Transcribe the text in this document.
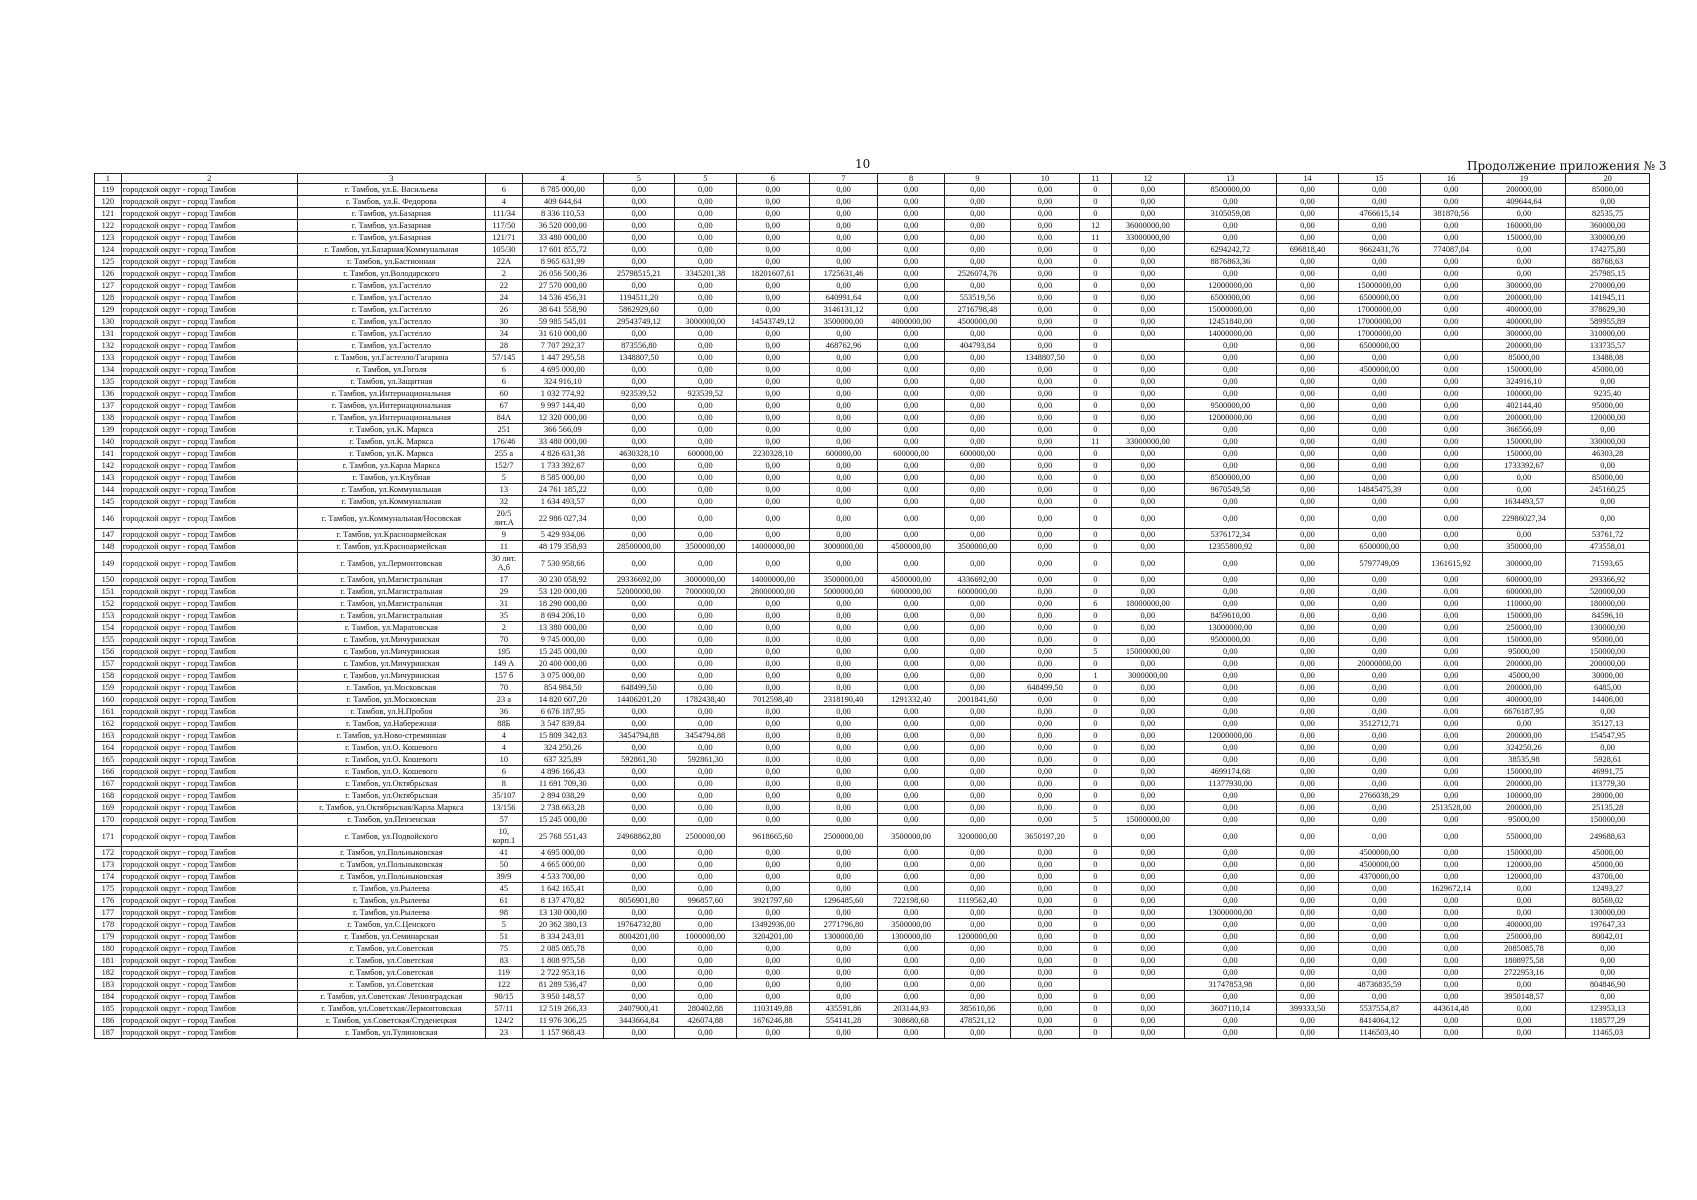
10	Продолжение приложения № 3
1	2	3		4	5	5	6	7	8	9	10	11	12	13	14	15	16	19	20
119	городской округ - город Тамбов	г. Тамбов, ул.Б. Васильева	6	8 785 000,00	0,00	0,00	0,00	0,00	0,00	0,00	0,00	0	0,00	8500000,00	0,00	0,00	0,00	200000,00	85000,00
120	городской округ - город Тамбов	г. Тамбов, ул.Б. Федорова	4	409 644,64	0,00	0,00	0,00	0,00	0,00	0,00	0,00	0	0,00	0,00	0,00	0,00	0,00	409644,64	0,00
121	городской округ - город Тамбов	г. Тамбов, ул.Базарная	111/34	8 336 110,53	0,00	0,00	0,00	0,00	0,00	0,00	0,00	0	0,00	3105059,08	0,00	4766615,14	381870,56	0,00	82535,75
122	городской округ - город Тамбов	г. Тамбов, ул.Базарная	117/50	36 520 000,00	0,00	0,00	0,00	0,00	0,00	0,00	0,00	12	36000000,00	0,00	0,00	0,00	0,00	160000,00	360000,00
123	городской округ - город Тамбов	г. Тамбов, ул.Базарная	121/71	33 480 000,00	0,00	0,00	0,00	0,00	0,00	0,00	0,00	11	33000000,00	0,00	0,00	0,00	0,00	150000,00	330000,00
124	городской округ - город Тамбов	г. Тамбов, ул.Базарная/Коммунальная	105/30	17 601 855,72	0,00	0,00	0,00	0,00	0,00	0,00	0,00	0	0,00	6294242,72	696818,40	9662431,76	774087,04	0,00	174275,80
125	городской округ - город Тамбов	г. Тамбов, ул.Бастионная	22А	8 965 631,99	0,00	0,00	0,00	0,00	0,00	0,00	0,00	0	0,00	8876863,36	0,00	0,00	0,00	0,00	88768,63
126	городской округ - город Тамбов	г. Тамбов, ул.Володарского	2	26 056 500,36	25798515,21	3345201,38	18201607,61	1725631,46	0,00	2526074,76	0,00	0	0,00	0,00	0,00	0,00	0,00	0,00	257985,15
127	городской округ - город Тамбов	г. Тамбов, ул.Гастелло	22	27 570 000,00	0,00	0,00	0,00	0,00	0,00	0,00	0,00	0	0,00	12000000,00	0,00	15000000,00	0,00	300000,00	270000,00
128	городской округ - город Тамбов	г. Тамбов, ул.Гастелло	24	14 536 456,31	1194511,20	0,00	0,00	640991,64	0,00	553519,56	0,00	0	0,00	6500000,00	0,00	6500000,00	0,00	200000,00	141945,11
129	городской округ - город Тамбов	г. Тамбов, ул.Гастелло	26	38 641 558,90	5862929,60	0,00	0,00	3146131,12	0,00	2716798,48	0,00	0	0,00	15000000,00	0,00	17000000,00	0,00	400000,00	378629,30
130	городской округ - город Тамбов	г. Тамбов, ул.Гастелло	30	59 985 545,01	29543749,12	3000000,00	14543749,12	3500000,00	4000000,00	4500000,00	0,00	0	0,00	12451840,00	0,00	17000000,00	0,00	400000,00	589955,89
131	городской округ - город Тамбов	г. Тамбов, ул.Гастелло	34	31 610 000,00	0,00	0,00	0,00	0,00	0,00	0,00	0,00	0	0,00	14000000,00	0,00	17000000,00	0,00	300000,00	310000,00
132	городской округ - город Тамбов	г. Тамбов, ул.Гастелло	28	7 707 292,37	873556,80	0,00	0,00	468762,96	0,00	404793,84	0,00	0		0,00	0,00	6500000,00		200000,00	133735,57
133	городской округ - город Тамбов	г. Тамбов, ул.Гастелло/Гагарина	57/145	1 447 295,58	1348807,50	0,00	0,00	0,00	0,00	0,00	1348807,50	0	0,00	0,00	0,00	0,00	0,00	85000,00	13488,08
134	городской округ - город Тамбов	г. Тамбов, ул.Гоголя	6	4 695 000,00	0,00	0,00	0,00	0,00	0,00	0,00	0,00	0	0,00	0,00	0,00	4500000,00	0,00	150000,00	45000,00
135	городской округ - город Тамбов	г. Тамбов, ул.Защитная	6	324 916,10	0,00	0,00	0,00	0,00	0,00	0,00	0,00	0	0,00	0,00	0,00	0,00	0,00	324916,10	0,00
136	городской округ - город Тамбов	г. Тамбов, ул.Интернациональная	60	1 032 774,92	923539,52	923539,52	0,00	0,00	0,00	0,00	0,00	0	0,00	0,00	0,00	0,00	0,00	100000,00	9235,40
137	городской округ - город Тамбов	г. Тамбов, ул.Интернациональная	67	9 997 144,40	0,00	0,00	0,00	0,00	0,00	0,00	0,00	0	0,00	9500000,00	0,00	0,00	0,00	402144,40	95000,00
138	городской округ - город Тамбов	г. Тамбов, ул.Интернациональная	84А	12 320 000,00	0,00	0,00	0,00	0,00	0,00	0,00	0,00	0	0,00	12000000,00	0,00	0,00	0,00	200000,00	120000,00
139	городской округ - город Тамбов	г. Тамбов, ул.К. Маркса	251	366 566,09	0,00	0,00	0,00	0,00	0,00	0,00	0,00	0	0,00	0,00	0,00	0,00	0,00	366566,09	0,00
140	городской округ - город Тамбов	г. Тамбов, ул.К. Маркса	176/46	33 480 000,00	0,00	0,00	0,00	0,00	0,00	0,00	0,00	11	33000000,00	0,00	0,00	0,00	0,00	150000,00	330000,00
141	городской округ - город Тамбов	г. Тамбов, ул.К. Маркса	255 а	4 826 631,38	4630328,10	600000,00	2230328,10	600000,00	600000,00	600000,00	0,00	0	0,00	0,00	0,00	0,00	0,00	150000,00	46303,28
142	городской округ - город Тамбов	г. Тамбов, ул.Карла Маркса	152/7	1 733 392,67	0,00	0,00	0,00	0,00	0,00	0,00	0,00	0	0,00	0,00	0,00	0,00	0,00	1733392,67	0,00
143	городской округ - город Тамбов	г. Тамбов, ул.Клубная	5	8 585 000,00	0,00	0,00	0,00	0,00	0,00	0,00	0,00	0	0,00	8500000,00	0,00	0,00	0,00	0,00	85000,00
144	городской округ - город Тамбов	г. Тамбов, ул.Коммунальная	13	24 761 185,22	0,00	0,00	0,00	0,00	0,00	0,00	0,00	0	0,00	9670549,58	0,00	14845475,39	0,00	0,00	245160,25
145	городской округ - город Тамбов	г. Тамбов, ул.Коммунальная	32	1 634 493,57	0,00	0,00	0,00	0,00	0,00	0,00	0,00	0	0,00	0,00	0,00	0,00	0,00	1634493,57	0,00
146	городской округ - город Тамбов	г. Тамбов, ул.Коммунальная/Носовская	20/5 лит.А	22 986 027,34	0,00	0,00	0,00	0,00	0,00	0,00	0,00	0	0,00	0,00	0,00	0,00	0,00	22986027,34	0,00
147	городской округ - город Тамбов	г. Тамбов, ул.Красноармейская	9	5 429 934,06	0,00	0,00	0,00	0,00	0,00	0,00	0,00	0	0,00	5376172,34	0,00	0,00	0,00	0,00	53761,72
148	городской округ - город Тамбов	г. Тамбов, ул.Красноармейская	11	48 179 358,93	28500000,00	3500000,00	14000000,00	3000000,00	4500000,00	3500000,00	0,00	0	0,00	12355800,92	0,00	6500000,00	0,00	350000,00	473558,01
149	городской округ - город Тамбов	г. Тамбов, ул.Лермонтовская	30 лит. А,б	7 530 958,66	0,00	0,00	0,00	0,00	0,00	0,00	0,00	0	0,00	0,00	0,00	5797749,09	1361615,92	300000,00	71593,65
150	городской округ - город Тамбов	г. Тамбов, ул.Магистральная	17	30 230 058,92	29336692,00	3000000,00	14000000,00	3500000,00	4500000,00	4336692,00	0,00	0	0,00	0,00	0,00	0,00	0,00	600000,00	293366,92
151	городской округ - город Тамбов	г. Тамбов, ул.Магистральная	29	53 120 000,00	52000000,00	7000000,00	28000000,00	5000000,00	6000000,00	6000000,00	0,00	0	0,00	0,00	0,00	0,00	0,00	600000,00	520000,00
152	городской округ - город Тамбов	г. Тамбов, ул.Магистральная	31	18 290 000,00	0,00	0,00	0,00	0,00	0,00	0,00	0,00	6	18000000,00	0,00	0,00	0,00	0,00	110000,00	180000,00
153	городской округ - город Тамбов	г. Тамбов, ул.Магистральная	35	8 694 206,10	0,00	0,00	0,00	0,00	0,00	0,00	0,00	0	0,00	8459610,00	0,00	0,00	0,00	150000,00	84596,10
154	городской округ - город Тамбов	г. Тамбов, ул.Маратовская	2	13 380 000,00	0,00	0,00	0,00	0,00	0,00	0,00	0,00	0	0,00	13000000,00	0,00	0,00	0,00	250000,00	130000,00
155	городской округ - город Тамбов	г. Тамбов, ул.Мичуринская	70	9 745 000,00	0,00	0,00	0,00	0,00	0,00	0,00	0,00	0	0,00	9500000,00	0,00	0,00	0,00	150000,00	95000,00
156	городской округ - город Тамбов	г. Тамбов, ул.Мичуринская	195	15 245 000,00	0,00	0,00	0,00	0,00	0,00	0,00	0,00	5	15000000,00	0,00	0,00	0,00	0,00	95000,00	150000,00
157	городской округ - город Тамбов	г. Тамбов, ул.Мичуринская	149 А	20 400 000,00	0,00	0,00	0,00	0,00	0,00	0,00	0,00	0	0,00	0,00	0,00	20000000,00	0,00	200000,00	200000,00
158	городской округ - город Тамбов	г. Тамбов, ул.Мичуринская	157 б	3 075 000,00	0,00	0,00	0,00	0,00	0,00	0,00	0,00	1	3000000,00	0,00	0,00	0,00	0,00	45000,00	30000,00
159	городской округ - город Тамбов	г. Тамбов, ул.Московская	70	854 984,50	648499,50	0,00	0,00	0,00	0,00	0,00	648499,50	0	0,00	0,00	0,00	0,00	0,00	200000,00	6485,00
160	городской округ - город Тамбов	г. Тамбов, ул.Московская	23 а	14 820 607,20	14406201,20	1782438,40	7012598,40	2318190,40	1291332,40	2001841,60	0,00	0	0,00	0,00	0,00	0,00	0,00	400000,00	14406,00
161	городской округ - город Тамбов	г. Тамбов, ул.Н.Пробоя	36	6 676 187,95	0,00	0,00	0,00	0,00	0,00	0,00	0,00	0	0,00	0,00	0,00	0,00	0,00	6676187,95	0,00
162	городской округ - город Тамбов	г. Тамбов, ул.Набережная	88Б	3 547 839,84	0,00	0,00	0,00	0,00	0,00	0,00	0,00	0	0,00	0,00	0,00	3512712,71	0,00	0,00	35127,13
163	городской округ - город Тамбов	г. Тамбов, ул.Ново-стремянная	4	15 809 342,83	3454794,88	3454794,88	0,00	0,00	0,00	0,00	0,00	0	0,00	12000000,00	0,00	0,00	0,00	200000,00	154547,95
164	городской округ - город Тамбов	г. Тамбов, ул.О. Кошевого	4	324 250,26	0,00	0,00	0,00	0,00	0,00	0,00	0,00	0	0,00	0,00	0,00	0,00	0,00	324250,26	0,00
165	городской округ - город Тамбов	г. Тамбов, ул.О. Кошевого	10	637 325,89	592861,30	592861,30	0,00	0,00	0,00	0,00	0,00	0	0,00	0,00	0,00	0,00	0,00	38535,98	5928,61
166	городской округ - город Тамбов	г. Тамбов, ул.О. Кошевого	6	4 896 166,43	0,00	0,00	0,00	0,00	0,00	0,00	0,00	0	0,00	4699174,68	0,00	0,00	0,00	150000,00	46991,75
167	городской округ - город Тамбов	г. Тамбов, ул.Октябрьская	8	11 691 709,30	0,00	0,00	0,00	0,00	0,00	0,00	0,00	0	0,00	11377930,00	0,00	0,00	0,00	200000,00	113779,30
168	городской округ - город Тамбов	г. Тамбов, ул.Октябрьская	35/107	2 894 038,29	0,00	0,00	0,00	0,00	0,00	0,00	0,00	0	0,00	0,00	0,00	2766038,29	0,00	100000,00	28000,00
169	городской округ - город Тамбов	г. Тамбов, ул.Октябрьская/Карла Маркса	13/156	2 738 663,28	0,00	0,00	0,00	0,00	0,00	0,00	0,00	0	0,00	0,00	0,00	0,00	2513528,00	200000,00	25135,28
170	городской округ - город Тамбов	г. Тамбов, ул.Пензенская	57	15 245 000,00	0,00	0,00	0,00	0,00	0,00	0,00	0,00	5	15000000,00	0,00	0,00	0,00	0,00	95000,00	150000,00
171	городской округ - город Тамбов	г. Тамбов, ул.Подвойского	10, корп.1	25 768 551,43	24968862,80	2500000,00	9618665,60	2500000,00	3500000,00	3200000,00	3650197,20	0	0,00	0,00	0,00	0,00	0,00	550000,00	249688,63
172	городской округ - город Тамбов	г. Тамбов, ул.Польныковская	41	4 695 000,00	0,00	0,00	0,00	0,00	0,00	0,00	0,00	0	0,00	0,00	0,00	4500000,00	0,00	150000,00	45000,00
173	городской округ - город Тамбов	г. Тамбов, ул.Польныковская	50	4 665 000,00	0,00	0,00	0,00	0,00	0,00	0,00	0,00	0	0,00	0,00	0,00	4500000,00	0,00	120000,00	45000,00
174	городской округ - город Тамбов	г. Тамбов, ул.Польныковская	39/9	4 533 700,00	0,00	0,00	0,00	0,00	0,00	0,00	0,00	0	0,00	0,00	0,00	4370000,00	0,00	120000,00	43700,00
175	городской округ - город Тамбов	г. Тамбов, ул.Рылеева	45	1 642 165,41	0,00	0,00	0,00	0,00	0,00	0,00	0,00	0	0,00	0,00	0,00	0,00	1629672,14	0,00	12493,27
176	городской округ - город Тамбов	г. Тамбов, ул.Рылеева	61	8 137 470,82	8056901,80	996857,60	3921797,60	1296485,60	722198,60	1119562,40	0,00	0	0,00	0,00	0,00	0,00	0,00	0,00	80569,02
177	городской округ - город Тамбов	г. Тамбов, ул.Рылеева	98	13 130 000,00	0,00	0,00	0,00	0,00	0,00	0,00	0,00	0	0,00	13000000,00	0,00	0,00	0,00	0,00	130000,00
178	городской округ - город Тамбов	г. Тамбов, ул.С.Ценского	5	20 362 380,13	19764732,80	0,00	13492936,00	2771796,80	3500000,00	0,00	0,00	0	0,00	0,00	0,00	0,00	0,00	400000,00	197647,33
179	городской округ - город Тамбов	г. Тамбов, ул.Семинарская	51	8 334 243,01	8004201,00	1000000,00	3204201,00	1300000,00	1300000,00	1200000,00	0,00	0	0,00	0,00	0,00	0,00	0,00	250000,00	80042,01
180	городской округ - город Тамбов	г. Тамбов, ул.Советская	75	2 085 085,78	0,00	0,00	0,00	0,00	0,00	0,00	0,00	0	0,00	0,00	0,00	0,00	0,00	2085085,78	0,00
181	городской округ - город Тамбов	г. Тамбов, ул.Советская	83	1 808 975,58	0,00	0,00	0,00	0,00	0,00	0,00	0,00	0	0,00	0,00	0,00	0,00	0,00	1808975,58	0,00
182	городской округ - город Тамбов	г. Тамбов, ул.Советская	119	2 722 953,16	0,00	0,00	0,00	0,00	0,00	0,00	0,00	0	0,00	0,00	0,00	0,00	0,00	2722953,16	0,00
183	городской округ - город Тамбов	г. Тамбов, ул.Советская	122	81 289 536,47	0,00	0,00	0,00	0,00	0,00	0,00	0,00			31747853,98	0,00	48736835,59	0,00	0,00	804846,90
184	городской округ - город Тамбов	г. Тамбов, ул.Советская/ Ленинградская	90/15	3 950 148,57	0,00	0,00	0,00	0,00	0,00	0,00	0,00	0	0,00	0,00	0,00	0,00	0,00	3950148,57	0,00
185	городской округ - город Тамбов	г. Тамбов, ул.Советская/Лермонтовская	57/11	12 519 266,33	2407900,41	280402,88	1103149,88	435591,86	203144,93	385610,86	0,00	0	0,00	3607110,14	399333,50	5537554,87	443614,48	0,00	123953,13
186	городской округ - город Тамбов	г. Тамбов, ул.Советская/Студенецкая	124/2	11 976 306,25	3443664,84	426074,88	1676246,88	554141,28	308680,68	478521,12	0,00	0	0,00	0,00	0,00	8414064,12	0,00	0,00	118577,29
187	городской округ - город Тамбов	г. Тамбов, ул.Тулиновская	23	1 157 968,43	0,00	0,00	0,00	0,00	0,00	0,00	0,00	0	0,00	0,00	0,00	1146503,40	0,00	0,00	11465,03
